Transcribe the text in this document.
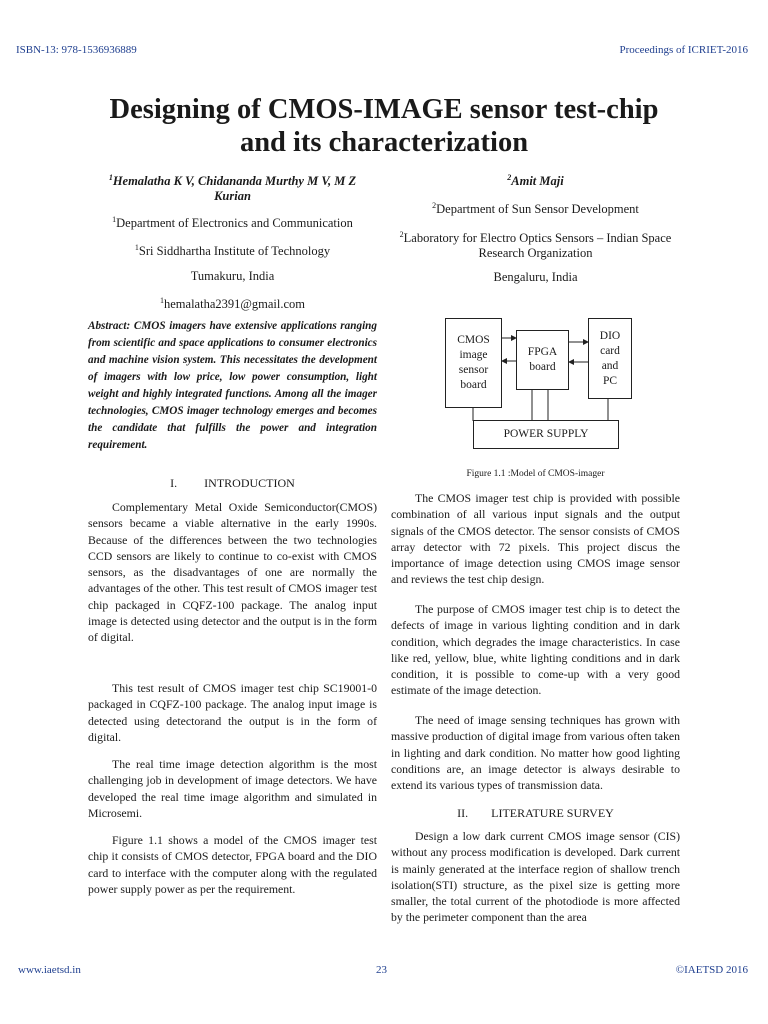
ISBN-13: 978-1536936889	Proceedings of ICRIET-2016
Designing of CMOS-IMAGE sensor test-chip
and its characterization

$^1$Hemalatha K V, Chidananda Murthy M V, M Z
Kurian

$^1$Department of Electronics and Communication

$^1$Sri Siddhartha Institute of Technology

Tumakuru, India

$^1$hemalatha2391@gmail.com

$^2$Amit Maji

$^2$Department of Sun Sensor Development

$^2$Laboratory for Electro Optics Sensors – Indian Space
Research Organization

Bengaluru, India

Abstract: CMOS imagers have extensive applications ranging from scientific and space applications to consumer electronics and machine vision system. This necessitates the development of imagers with low price, low power consumption, light weight and highly integrated functions. Among all the imager technologies, CMOS imager technology emerges and becomes the candidate that fulfills the power and integration requirement.

I. INTRODUCTION

Complementary Metal Oxide Semiconductor(CMOS) sensors became a viable alternative in the early 1990s. Because of the differences between the two technologies CCD sensors are likely to continue to co-exist with CMOS sensors, as the disadvantages of one are normally the advantages of the other. This test result of CMOS imager test chip packaged in CQFZ-100 package. The analog input image is detected using detector and the output is in the form of digital.

This test result of CMOS imager test chip SC19001-0 packaged in CQFZ-100 package. The analog input image is detected using detectorand the output is in the form of digital.

The real time image detection algorithm is the most challenging job in development of image detectors. We have developed the real time image algorithm and simulated in Microsemi.

Figure 1.1 shows a model of the CMOS imager test chip it consists of CMOS detector, FPGA board and the DIO card to interface with the computer along with the regulated power supply power as per the requirement.

CMOS
image
sensor
board
FPGA
board
DIO
card
and
PC
POWER SUPPLY

Figure 1.1 :Model of CMOS-imager

The CMOS imager test chip is provided with possible combination of all various input signals and the output signals of the CMOS detector. The sensor consists of CMOS array detector with 72 pixels. This project discus the importance of image detection using CMOS image sensor and reviews the test chip design.

The purpose of CMOS imager test chip is to detect the defects of image in various lighting condition and in dark condition, which degrades the image characteristics. In case like red, yellow, blue, white lighting conditions and in dark condition, it is possible to come-up with a very good estimate of the image detection.

The need of image sensing techniques has grown with massive production of digital image from various often taken in lighting and dark condition. No matter how good lighting conditions are, an image detector is always desirable to extend its various types of transmission data.

II. LITERATURE SURVEY

Design a low dark current CMOS image sensor (CIS) without any process modification is developed. Dark current is mainly generated at the interface region of shallow trench isolation(STI) structure, as the pixel size is getting more smaller, the total current of the photodiode is more affected by the perimeter component than the area

www.iaetsd.in	23	©IAETSD 2016
